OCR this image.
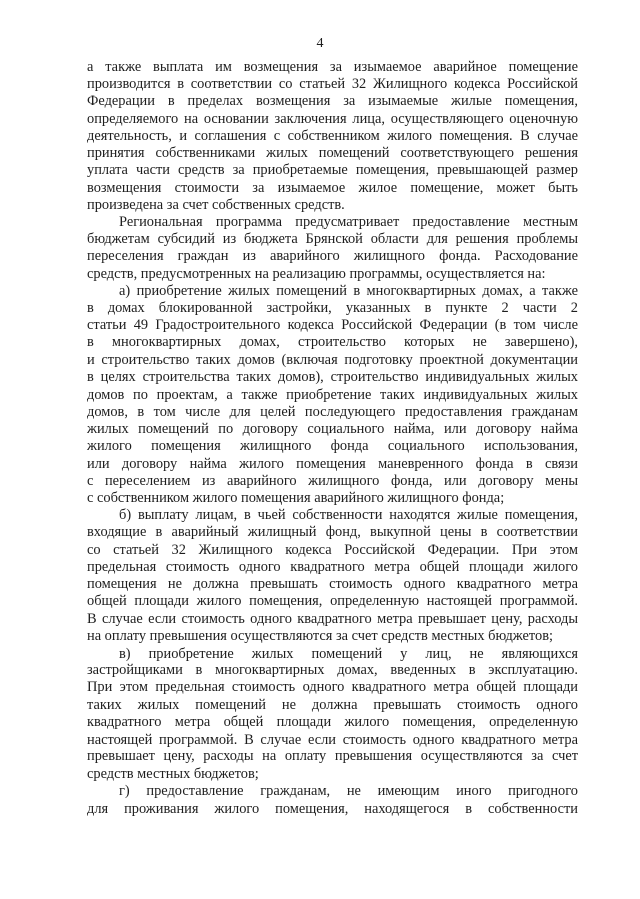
4
а также выплата им возмещения за изымаемое аварийное помещение
производится в соответствии со статьей 32 Жилищного кодекса Российской
Федерации в пределах возмещения за изымаемые жилые помещения,
определяемого на основании заключения лица, осуществляющего оценочную
деятельность, и соглашения с собственником жилого помещения. В случае
принятия собственниками жилых помещений соответствующего решения
уплата части средств за приобретаемые помещения, превышающей размер
возмещения стоимости за изымаемое жилое помещение, может быть
произведена за счет собственных средств.
Региональная программа предусматривает предоставление местным
бюджетам субсидий из бюджета Брянской области для решения проблемы
переселения граждан из аварийного жилищного фонда. Расходование
средств, предусмотренных на реализацию программы, осуществляется на:
а) приобретение жилых помещений в многоквартирных домах, а также
в домах блокированной застройки, указанных в пункте 2 части 2
статьи 49 Градостроительного кодекса Российской Федерации (в том числе
в многоквартирных домах, строительство которых не завершено),
и строительство таких домов (включая подготовку проектной документации
в целях строительства таких домов), строительство индивидуальных жилых
домов по проектам, а также приобретение таких индивидуальных жилых
домов, в том числе для целей последующего предоставления гражданам
жилых помещений по договору социального найма, или договору найма
жилого помещения жилищного фонда социального использования,
или договору найма жилого помещения маневренного фонда в связи
с переселением из аварийного жилищного фонда, или договору мены
с собственником жилого помещения аварийного жилищного фонда;
б) выплату лицам, в чьей собственности находятся жилые помещения,
входящие в аварийный жилищный фонд, выкупной цены в соответствии
со статьей 32 Жилищного кодекса Российской Федерации. При этом
предельная стоимость одного квадратного метра общей площади жилого
помещения не должна превышать стоимость одного квадратного метра
общей площади жилого помещения, определенную настоящей программой.
В случае если стоимость одного квадратного метра превышает цену, расходы
на оплату превышения осуществляются за счет средств местных бюджетов;
в) приобретение жилых помещений у лиц, не являющихся
застройщиками в многоквартирных домах, введенных в эксплуатацию.
При этом предельная стоимость одного квадратного метра общей площади
таких жилых помещений не должна превышать стоимость одного
квадратного метра общей площади жилого помещения, определенную
настоящей программой. В случае если стоимость одного квадратного метра
превышает цену, расходы на оплату превышения осуществляются за счет
средств местных бюджетов;
г) предоставление гражданам, не имеющим иного пригодного
для проживания жилого помещения, находящегося в собственности
